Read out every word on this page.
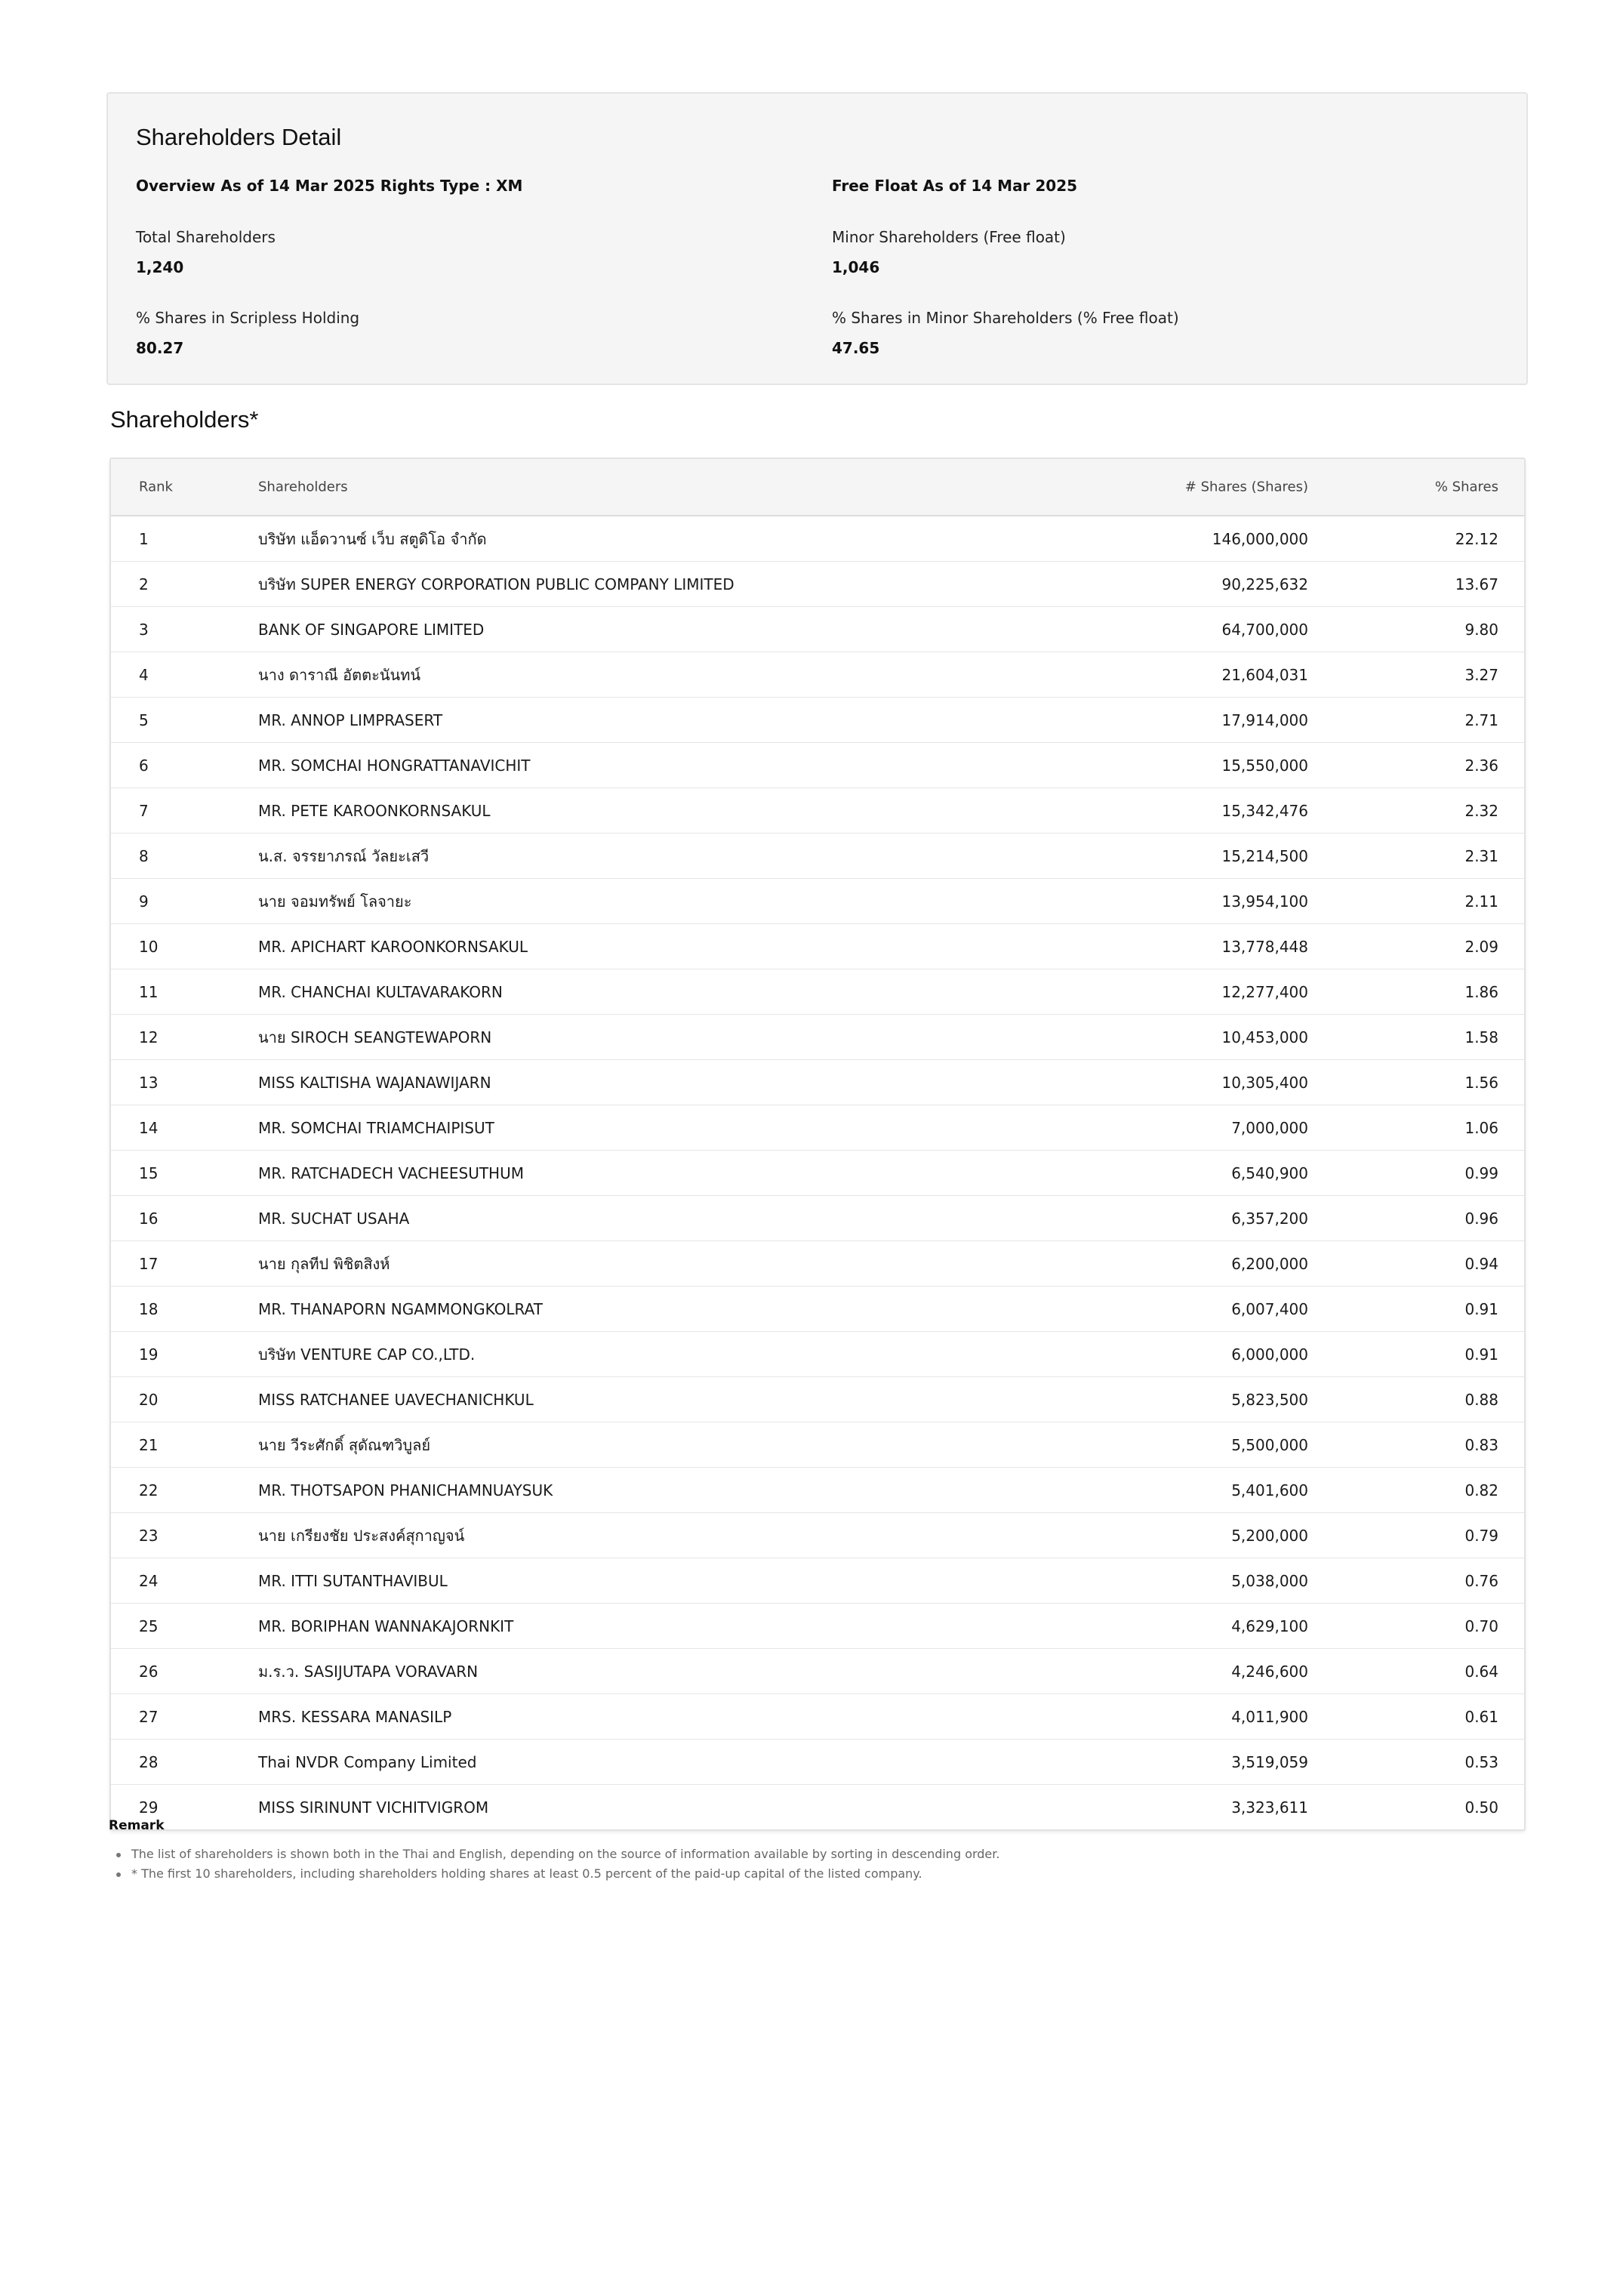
Shareholders Detail
Overview As of 14 Mar 2025 Rights Type : XM
Total Shareholders
1,240
% Shares in Scripless Holding
80.27
Free Float As of 14 Mar 2025
Minor Shareholders (Free float)
1,046
% Shares in Minor Shareholders (% Free float)
47.65
Shareholders*
Rank	Shareholders	# Shares (Shares)	% Shares
1	บริษัท แอ็ดวานซ์ เว็บ สตูดิโอ จำกัด	146,000,000	22.12
2	บริษัท SUPER ENERGY CORPORATION PUBLIC COMPANY LIMITED	90,225,632	13.67
3	BANK OF SINGAPORE LIMITED	64,700,000	9.80
4	นาง ดาราณี อัตตะนันทน์	21,604,031	3.27
5	MR. ANNOP LIMPRASERT	17,914,000	2.71
6	MR. SOMCHAI HONGRATTANAVICHIT	15,550,000	2.36
7	MR. PETE KAROONKORNSAKUL	15,342,476	2.32
8	น.ส. จรรยาภรณ์ วัลยะเสวี	15,214,500	2.31
9	นาย จอมทรัพย์ โลจายะ	13,954,100	2.11
10	MR. APICHART KAROONKORNSAKUL	13,778,448	2.09
11	MR. CHANCHAI KULTAVARAKORN	12,277,400	1.86
12	นาย SIROCH SEANGTEWAPORN	10,453,000	1.58
13	MISS KALTISHA WAJANAWIJARN	10,305,400	1.56
14	MR. SOMCHAI TRIAMCHAIPISUT	7,000,000	1.06
15	MR. RATCHADECH VACHEESUTHUM	6,540,900	0.99
16	MR. SUCHAT USAHA	6,357,200	0.96
17	นาย กุลทีป พิชิตสิงห์	6,200,000	0.94
18	MR. THANAPORN NGAMMONGKOLRAT	6,007,400	0.91
19	บริษัท VENTURE CAP CO.,LTD.	6,000,000	0.91
20	MISS RATCHANEE UAVECHANICHKUL	5,823,500	0.88
21	นาย วีระศักดิ์ สุดัณฑวิบูลย์	5,500,000	0.83
22	MR. THOTSAPON PHANICHAMNUAYSUK	5,401,600	0.82
23	นาย เกรียงชัย ประสงค์สุกาญจน์	5,200,000	0.79
24	MR. ITTI SUTANTHAVIBUL	5,038,000	0.76
25	MR. BORIPHAN WANNAKAJORNKIT	4,629,100	0.70
26	ม.ร.ว. SASIJUTAPA VORAVARN	4,246,600	0.64
27	MRS. KESSARA MANASILP	4,011,900	0.61
28	Thai NVDR Company Limited	3,519,059	0.53
29	MISS SIRINUNT VICHITVIGROM	3,323,611	0.50
Remark
The list of shareholders is shown both in the Thai and English, depending on the source of information available by sorting in descending order.
* The first 10 shareholders, including shareholders holding shares at least 0.5 percent of the paid-up capital of the listed company.
